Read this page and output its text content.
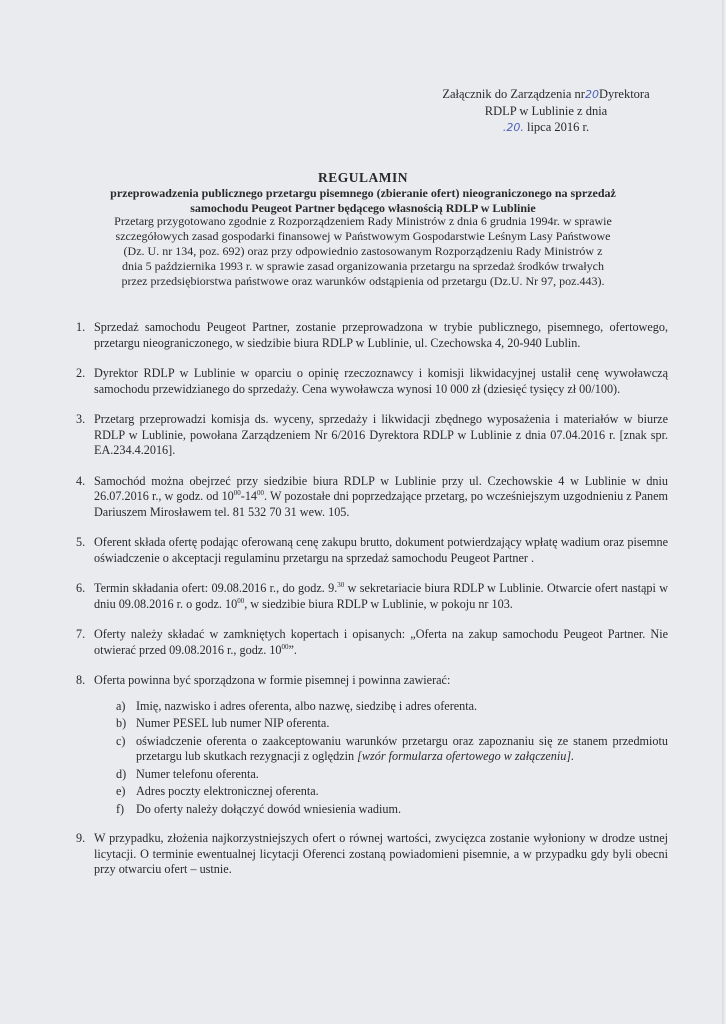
Załącznik do Zarządzenia nr20Dyrektora
RDLP w Lublinie z dnia
.20. lipca 2016 r.
REGULAMIN
przeprowadzenia publicznego przetargu pisemnego (zbieranie ofert) nieograniczonego na sprzedaż samochodu Peugeot Partner będącego własnością RDLP w Lublinie
Przetarg przygotowano zgodnie z Rozporządzeniem Rady Ministrów z dnia 6 grudnia 1994r. w sprawie szczegółowych zasad gospodarki finansowej w Państwowym Gospodarstwie Leśnym Lasy Państwowe (Dz. U. nr 134, poz. 692) oraz przy odpowiednio zastosowanym Rozporządzeniu Rady Ministrów z dnia 5 października 1993 r. w sprawie zasad organizowania przetargu na sprzedaż środków trwałych przez przedsiębiorstwa państwowe oraz warunków odstąpienia od przetargu (Dz.U. Nr 97, poz.443).
1. Sprzedaż samochodu Peugeot Partner, zostanie przeprowadzona w trybie publicznego, pisemnego, ofertowego, przetargu nieograniczonego, w siedzibie biura RDLP w Lublinie, ul. Czechowska 4, 20-940 Lublin.
2. Dyrektor RDLP w Lublinie w oparciu o opinię rzeczoznawcy i komisji likwidacyjnej ustalił cenę wywoławczą samochodu przewidzianego do sprzedaży. Cena wywoławcza wynosi 10 000 zł (dziesięć tysięcy zł 00/100).
3. Przetarg przeprowadzi komisja ds. wyceny, sprzedaży i likwidacji zbędnego wyposażenia i materiałów w biurze RDLP w Lublinie, powołana Zarządzeniem Nr 6/2016 Dyrektora RDLP w Lublinie z dnia 07.04.2016 r. [znak spr. EA.234.4.2016].
4. Samochód można obejrzeć przy siedzibie biura RDLP w Lublinie przy ul. Czechowskie 4 w Lublinie w dniu 26.07.2016 r., w godz. od $10^{00}-14^{00}$. W pozostałe dni poprzedzające przetarg, po wcześniejszym uzgodnieniu z Panem Dariuszem Mirosławem tel. 81 532 70 31 wew. 105.
5. Oferent składa ofertę podając oferowaną cenę zakupu brutto, dokument potwierdzający wpłatę wadium oraz pisemne oświadczenie o akceptacji regulaminu przetargu na sprzedaż samochodu Peugeot Partner .
6. Termin składania ofert: 09.08.2016 r., do godz. 9.30 w sekretariacie biura RDLP w Lublinie. Otwarcie ofert nastąpi w dniu 09.08.2016 r. o godz. $10^{00}$, w siedzibie biura RDLP w Lublinie, w pokoju nr 103.
7. Oferty należy składać w zamkniętych kopertach i opisanych: „Oferta na zakup samochodu Peugeot Partner. Nie otwierać przed 09.08.2016 r., godz. $10^{00}$”.
8. Oferta powinna być sporządzona w formie pisemnej i powinna zawierać:
a) Imię, nazwisko i adres oferenta, albo nazwę, siedzibę i adres oferenta.
b) Numer PESEL lub numer NIP oferenta.
c) oświadczenie oferenta o zaakceptowaniu warunków przetargu oraz zapoznaniu się ze stanem przedmiotu przetargu lub skutkach rezygnacji z oględzin [wzór formularza ofertowego w załączeniu].
d) Numer telefonu oferenta.
e) Adres poczty elektronicznej oferenta.
f) Do oferty należy dołączyć dowód wniesienia wadium.
9. W przypadku, złożenia najkorzystniejszych ofert o równej wartości, zwycięzca zostanie wyłoniony w drodze ustnej licytacji. O terminie ewentualnej licytacji Oferenci zostaną powiadomieni pisemnie, a w przypadku gdy byli obecni przy otwarciu ofert – ustnie.
